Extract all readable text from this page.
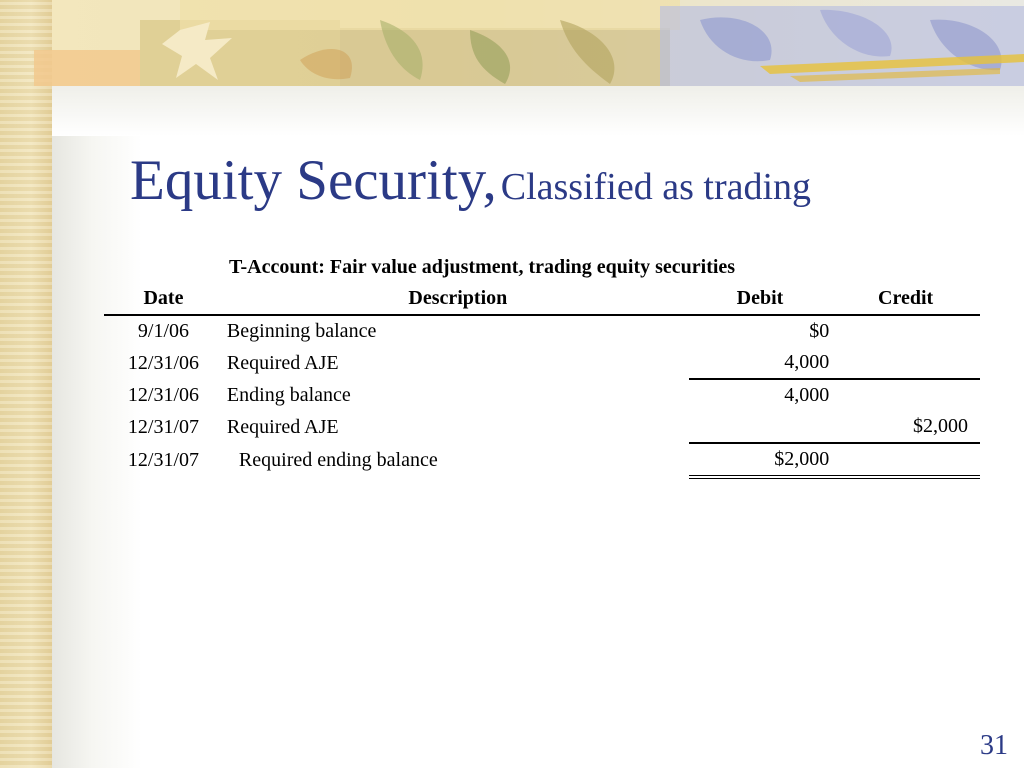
Equity Security, Classified as trading
T-Account: Fair value adjustment, trading equity securities			
Date	Description	Debit	Credit
9/1/06	Beginning balance	$0	
12/31/06	Required AJE	4,000	
12/31/06	Ending balance	4,000	
12/31/07	Required AJE		$2,000
12/31/07	Required ending balance	$2,000	
31
